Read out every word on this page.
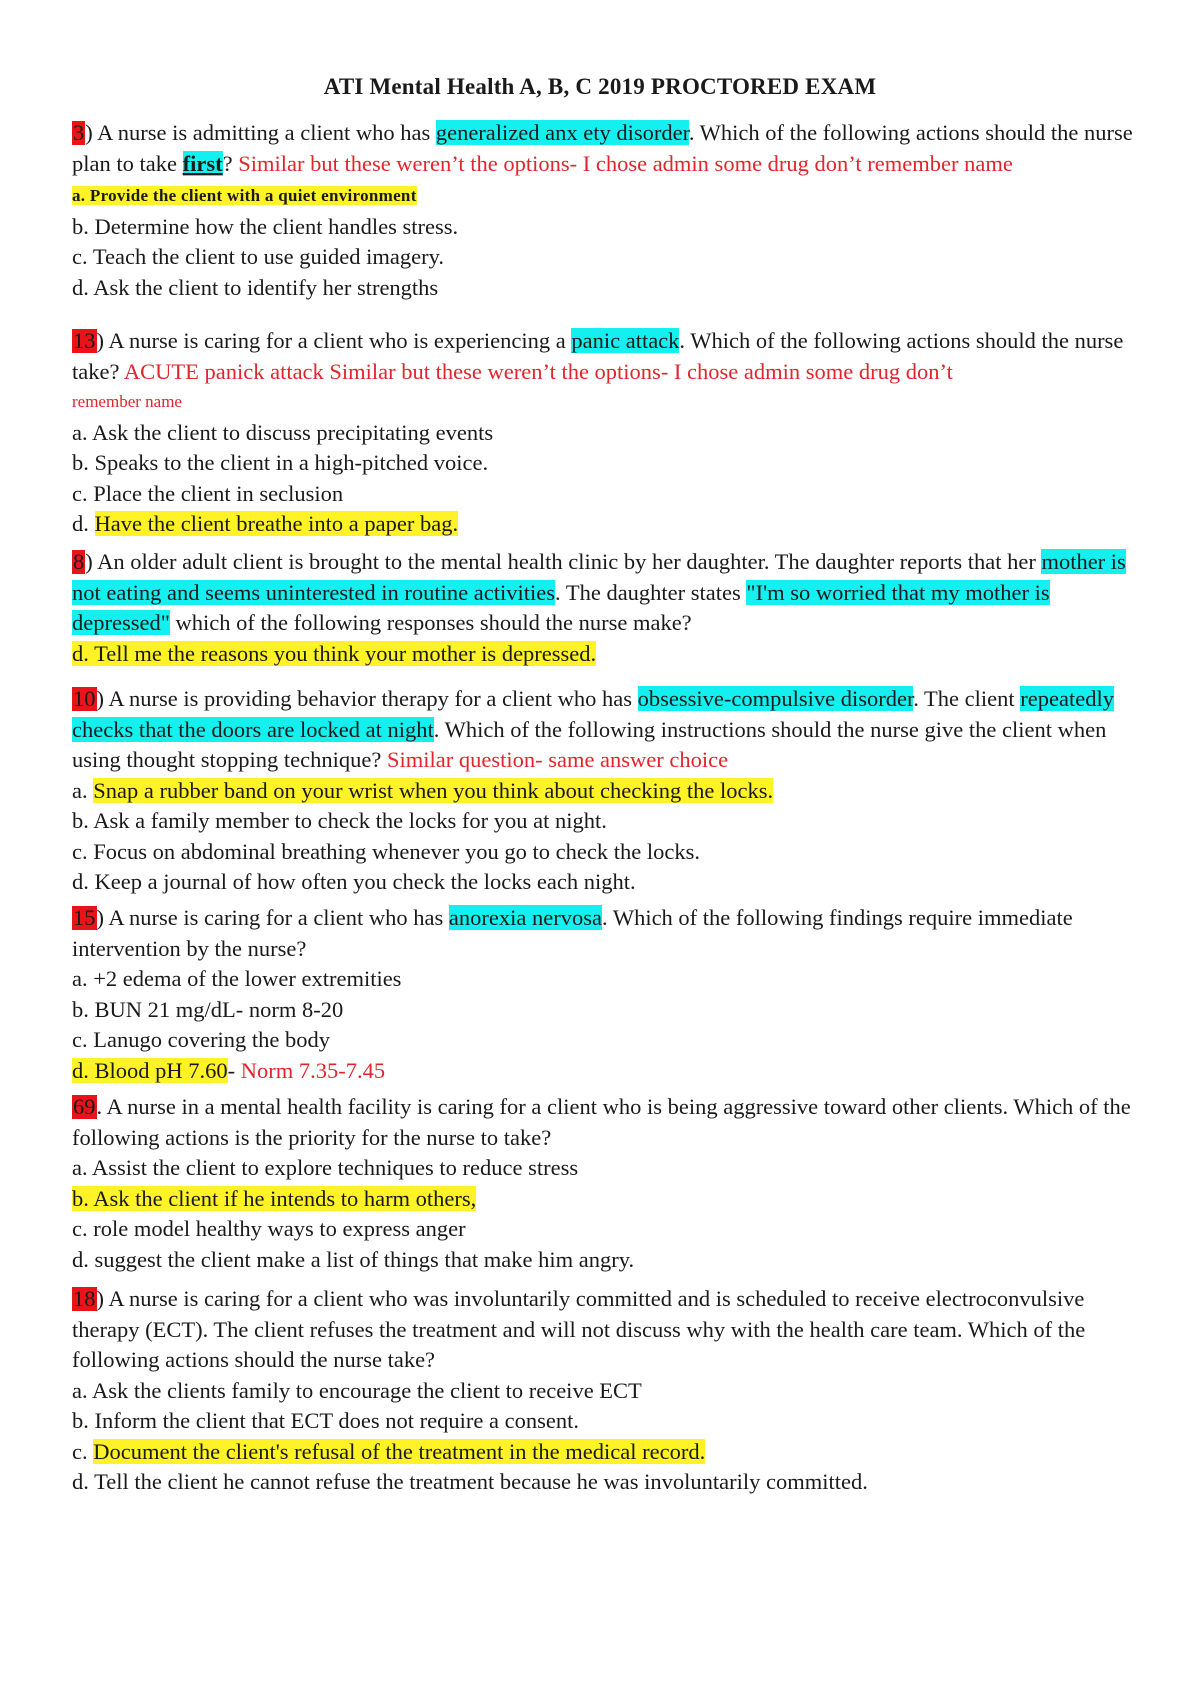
ATI Mental Health A, B, C 2019 PROCTORED EXAM

3) A nurse is admitting a client who has generalized anx ety disorder. Which of the following actions should the nurse plan to take first? Similar but these weren’t the options- I chose admin some drug don’t remember name

a. Provide the client with a quiet environment

b. Determine how the client handles stress.

c. Teach the client to use guided imagery.

d. Ask the client to identify her strengths

13) A nurse is caring for a client who is experiencing a panic attack. Which of the following actions should the nurse take? ACUTE panick attack Similar but these weren’t the options- I chose admin some drug don’t

remember name

a. Ask the client to discuss precipitating events

b. Speaks to the client in a high-pitched voice.

c. Place the client in seclusion

d. Have the client breathe into a paper bag.

8) An older adult client is brought to the mental health clinic by her daughter. The daughter reports that her mother is not eating and seems uninterested in routine activities. The daughter states "I'm so worried that my mother is depressed" which of the following responses should the nurse make?

d. Tell me the reasons you think your mother is depressed.

10) A nurse is providing behavior therapy for a client who has obsessive-compulsive disorder. The client repeatedly checks that the doors are locked at night. Which of the following instructions should the nurse give the client when using thought stopping technique? Similar question- same answer choice

a. Snap a rubber band on your wrist when you think about checking the locks.

b. Ask a family member to check the locks for you at night.

c. Focus on abdominal breathing whenever you go to check the locks.

d. Keep a journal of how often you check the locks each night.

15) A nurse is caring for a client who has anorexia nervosa. Which of the following findings require immediate intervention by the nurse?

a. +2 edema of the lower extremities

b. BUN 21 mg/dL- norm 8-20

c. Lanugo covering the body

d. Blood pH 7.60- Norm 7.35-7.45

69. A nurse in a mental health facility is caring for a client who is being aggressive toward other clients. Which of the following actions is the priority for the nurse to take?

a. Assist the client to explore techniques to reduce stress

b. Ask the client if he intends to harm others,

c. role model healthy ways to express anger

d. suggest the client make a list of things that make him angry.

18) A nurse is caring for a client who was involuntarily committed and is scheduled to receive electroconvulsive therapy (ECT). The client refuses the treatment and will not discuss why with the health care team. Which of the following actions should the nurse take?

a. Ask the clients family to encourage the client to receive ECT

b. Inform the client that ECT does not require a consent.

c. Document the client's refusal of the treatment in the medical record.

d. Tell the client he cannot refuse the treatment because he was involuntarily committed.
